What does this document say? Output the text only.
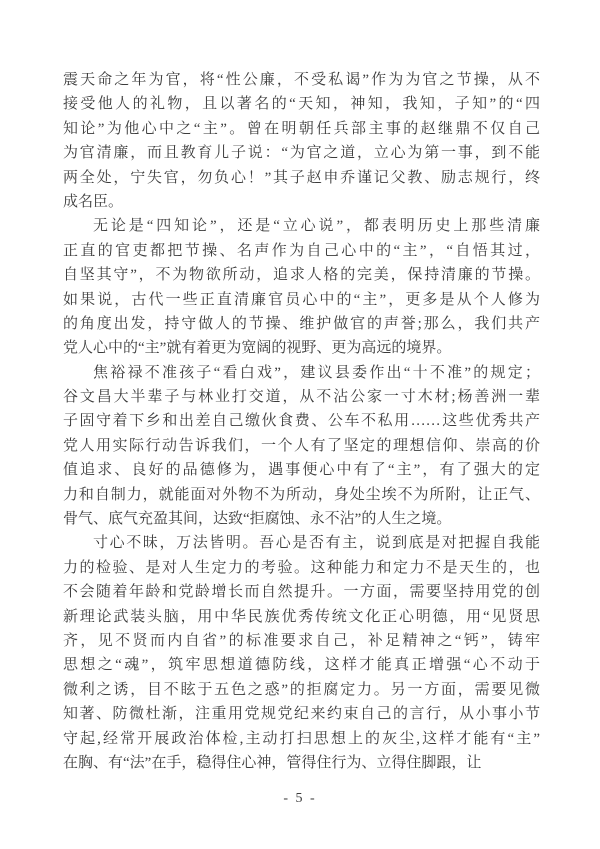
震天命之年为官，将“性公廉，不受私谒”作为为官之节操，从不
接受他人的礼物，且以著名的“天知，神知，我知，子知”的“四
知论”为他心中之“主”。曾在明朝任兵部主事的赵继鼎不仅自己
为官清廉，而且教育儿子说：“为官之道，立心为第一事，到不能
两全处，宁失官，勿负心！”其子赵申乔谨记父教、励志规行，终
成名臣。

无论是“四知论”，还是“立心说”，都表明历史上那些清廉
正直的官吏都把节操、名声作为自己心中的“主”，“自悟其过，
自坚其守”，不为物欲所动，追求人格的完美，保持清廉的节操。
如果说，古代一些正直清廉官员心中的“主”，更多是从个人修为
的角度出发，持守做人的节操、维护做官的声誉;那么，我们共产
党人心中的“主”就有着更为宽阔的视野、更为高远的境界。

焦裕禄不准孩子“看白戏”，建议县委作出“十不准”的规定；
谷文昌大半辈子与林业打交道，从不沾公家一寸木材;杨善洲一辈
子固守着下乡和出差自己缴伙食费、公车不私用……这些优秀共产
党人用实际行动告诉我们，一个人有了坚定的理想信仰、崇高的价
值追求、良好的品德修为，遇事便心中有了“主”，有了强大的定
力和自制力，就能面对外物不为所动，身处尘埃不为所附，让正气、
骨气、底气充盈其间，达致“拒腐蚀、永不沾”的人生之境。

寸心不昧，万法皆明。吾心是否有主，说到底是对把握自我能
力的检验、是对人生定力的考验。这种能力和定力不是天生的，也
不会随着年龄和党龄增长而自然提升。一方面，需要坚持用党的创
新理论武装头脑，用中华民族优秀传统文化正心明德，用“见贤思
齐，见不贤而内自省”的标准要求自己，补足精神之“钙”，铸牢
思想之“魂”，筑牢思想道德防线，这样才能真正增强“心不动于
微利之诱，目不眩于五色之惑”的拒腐定力。另一方面，需要见微
知著、防微杜渐，注重用党规党纪来约束自己的言行，从小事小节
守起,经常开展政治体检,主动打扫思想上的灰尘,这样才能有“主”
在胸、有“法”在手，稳得住心神，管得住行为、立得住脚跟，让

- 5 -
